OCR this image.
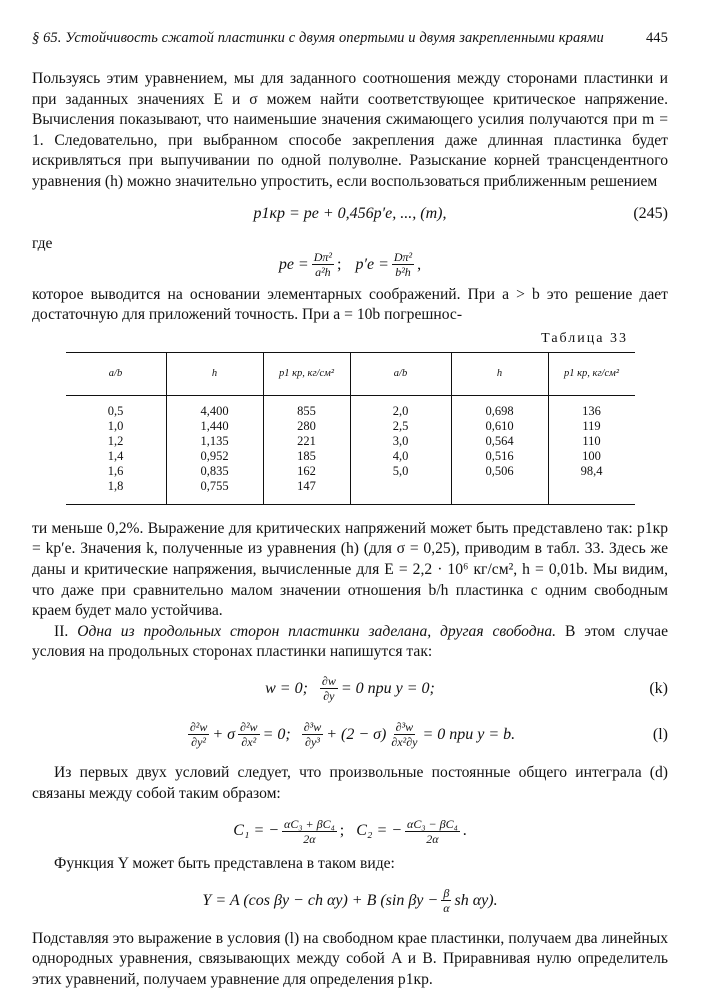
§ 65. Устойчивость сжатой пластинки с двумя опертыми и двумя закрепленными краями	445

Пользуясь этим уравнением, мы для заданного соотношения между сторонами пластинки и при заданных значениях E и σ можем найти соответствующее критическое напряжение. Вычисления показывают, что наименьшие значения сжимающего усилия получаются при m = 1. Следовательно, при выбранном способе закрепления даже длинная пластинка будет искривляться при выпучивании по одной полуволне. Разыскание корней трансцендентного уравнения (h) можно значительно упростить, если воспользоваться приближенным решением

p1кр = pe + 0,456p′e, ..., (m),	(245)
где
pe = $\frac{\text{Dπ²}}{\text{a²h}}$ ; $p'e = \frac{\text{Dπ²}}{\text{b²h}}$ ,

которое выводится на основании элементарных соображений. При a > b это решение дает достаточную для приложений точность. При a = 10b погрешнос-

Таблица 33
a/b	h	p1 кр, кг/см²	a/b	h	p1 кр, кг/см²
0,5	4,400	855	2,0	0,698	136
1,0	1,440	280	2,5	0,610	119
1,2	1,135	221	3,0	0,564	110
1,4	0,952	185	4,0	0,516	100
1,6	0,835	162	5,0	0,506	98,4
1,8	0,755	147			

ти меньше 0,2%. Выражение для критических напряжений может быть представлено так: p1кр = kp′e. Значения k, полученные из уравнения (h) (для σ = 0,25), приводим в табл. 33. Здесь же даны и критические напряжения, вычисленные для E = 2,2 · 10⁶ кг/см², h = 0,01b. Мы видим, что даже при сравнительно малом значении отношения b/h пластинка с одним свободным краем будет мало устойчива.

II. Одна из продольных сторон пластинки заделана, другая свободна. В этом случае условия на продольных сторонах пластинки напишутся так:

w = 0; $\frac{\partial w}{\partial y} = 0$ при y = 0;	(k)
$\frac{\text{∂²w}}{\text{∂y²}} + \sigma \frac{\text{∂²w}}{\text{∂x²}} = 0$; $\frac{\text{∂³w}}{\text{∂y³}} + (2 - \sigma) \frac{\text{∂³w}}{\text{∂x²∂y}} = 0$ при y = b.	(l)

Из первых двух условий следует, что произвольные постоянные общего интеграла (d) связаны между собой таким образом:

C₁ = − $\frac{\text{αC₃ + βC₄}}{2\alpha}$ ; C₂ = − $\frac{\text{αC₃ − βC₄}}{2\alpha}$ .

Функция Y может быть представлена в таком виде:

Y = A (cos βy − ch αy) + B (sin $\beta y - \frac{\beta}{\alpha}$ sh αy).

Подставляя это выражение в условия (l) на свободном крае пластинки, получаем два линейных однородных уравнения, связывающих между собой A и B. Приравнивая нулю определитель этих уравнений, получаем уравнение для определения p1кр.
